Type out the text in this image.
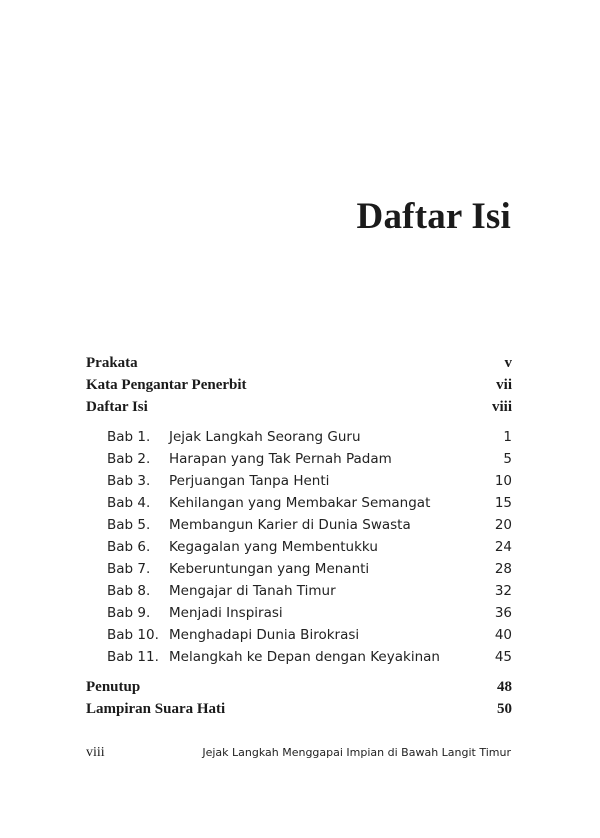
Daftar Isi
Prakata	v
Kata Pengantar Penerbit	vii
Daftar Isi	viii
Bab 1.	Jejak Langkah Seorang Guru	1
Bab 2.	Harapan yang Tak Pernah Padam	5
Bab 3.	Perjuangan Tanpa Henti	10
Bab 4.	Kehilangan yang Membakar Semangat	15
Bab 5.	Membangun Karier di Dunia Swasta	20
Bab 6.	Kegagalan yang Membentukku	24
Bab 7.	Keberuntungan yang Menanti	28
Bab 8.	Mengajar di Tanah Timur	32
Bab 9.	Menjadi Inspirasi	36
Bab 10. Menghadapi Dunia Birokrasi	40
Bab 11. Melangkah ke Depan dengan Keyakinan	45
Penutup	48
Lampiran Suara Hati	50
viii	Jejak Langkah Menggapai Impian di Bawah Langit Timur
